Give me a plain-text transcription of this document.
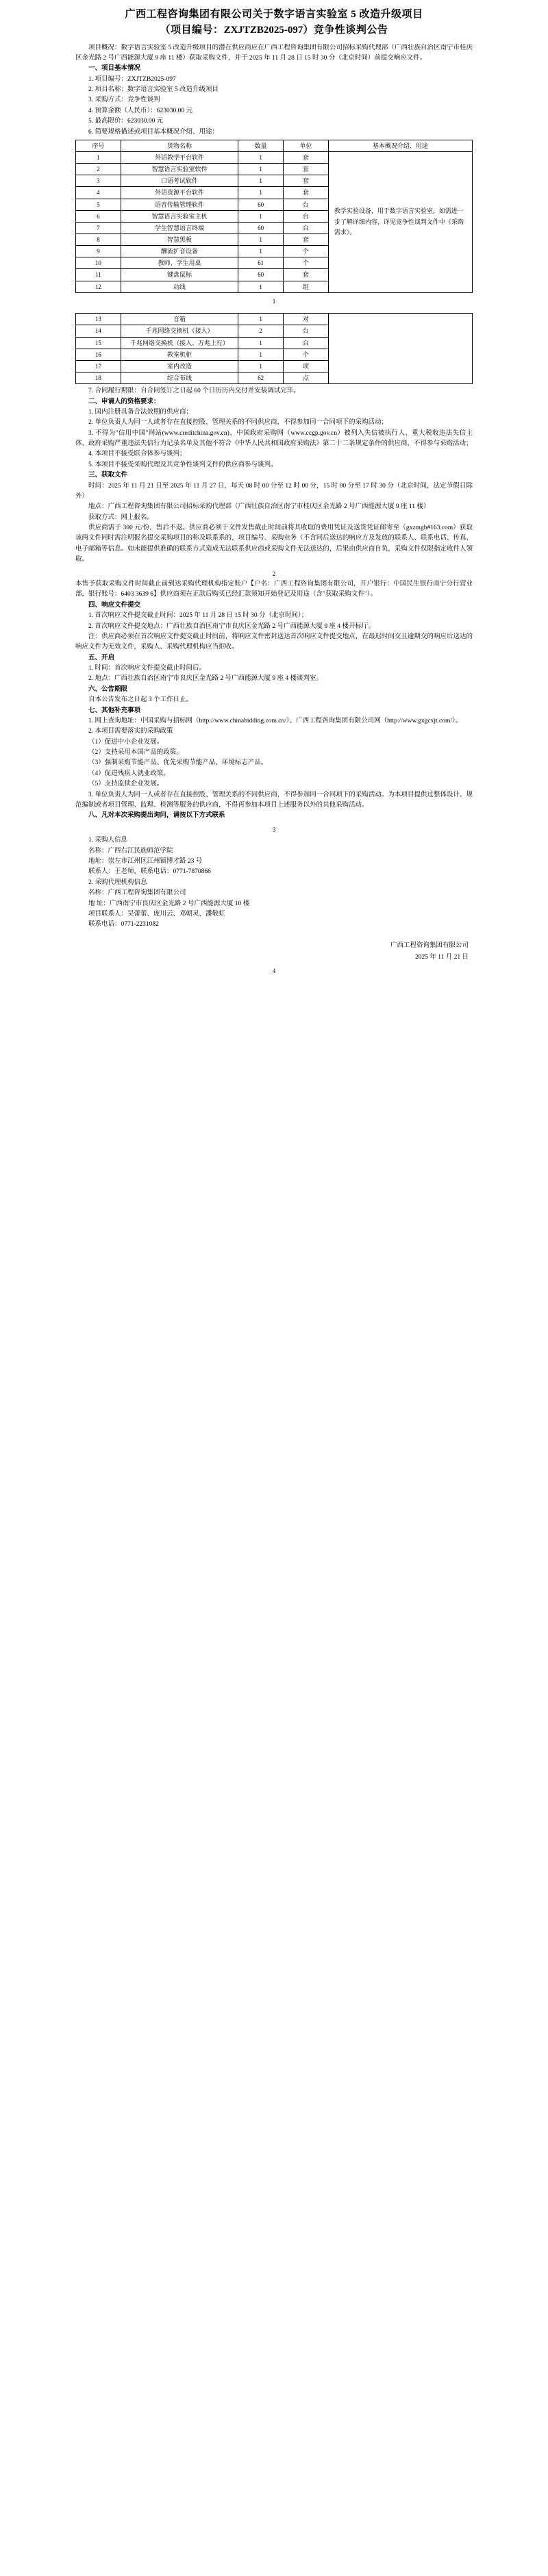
广西工程咨询集团有限公司关于数字语言实验室 5 改造升级项目
（项目编号：ZXJTZB2025-097）竞争性谈判公告

项目概况：数字语言实验室 5 改造升级项目的潜在供应商应在广西工程咨询集团有限公司招标采购代理部（广西壮族自治区南宁市桂庆区金光路 2 号广西能源大厦 9 座 11 楼）获取采购文件，并于 2025 年 11 月 28 日 15 时 30 分（北京时间）前提交响应文件。

一、项目基本情况

1. 项目编号：ZXJTZB2025-097

2. 项目名称：数字语言实验室 5 改造升级项目

3. 采购方式：竞争性谈判

4. 预算金额（人民币）：623030.00 元

5. 最高限价：623030.00 元

6. 简要规格描述或项目基本概况介绍、用途：

序号	货物名称	数量	单位	基本概况介绍、用途
1	外语教学平台软件	1	套	教学实验设备，用于数字语言实验室，如需进一步了解详细内容，详见竞争性谈判文件中《采购需求》。
2	智慧语言实验室软件	1	套	
3	口语考试软件	1	套	
4	外语资源平台软件	1	套	
5	语音传输管理软件	60	台	
6	智慧语言实验室主机	1	台	
7	学生智慧语言终端	60	台	
8	智慧黑板	1	套	
9	酬流扩音设备	1	个	
10	教师、学生用桌	61	个	
11	键盘鼠标	60	套	
12	动线	1	组	
1
13	音箱	1	对	
14	千兆网络交换机（接入）	2	台	
15	千兆网络交换机（接入、万兆上行）	1	台	
16	教室机柜	1	个	
17	室内改造	1	项	
18	综合布线	62	点	

7. 合同履行期限：自合同签订之日起 60 个日历历内交付并安装调试完毕。

二、申请人的资格要求：

1. 国内注册具备合法效期的供应商；

2. 单位负责人为同一人或者存在直接控股、管理关系的不同供应商，不得参加同一合同项下的采购活动；

3. 不得为"信用中国"网站(www.creditchina.gov.cn)、中国政府采购网（www.ccgp.gov.cn）被列入失信被执行人、重大税收违法失信主体、政府采购严重违法失信行为记录名单及其他不符合《中华人民共和国政府采购法》第二十二条规定条件的供应商，不得参与采购活动；

4. 本项目不接受联合体参与谈判；

5. 本项目不接受采购代理及其竞争性谈判文件的供应商参与谈判。

三、获取文件

时间：2025 年 11 月 21 日至 2025 年 11 月 27 日，每天 08 时 00 分至 12 时 00 分，15 时 00 分至 17 时 30 分（北京时间，法定节假日除外）

地点：广西工程咨询集团有限公司招标采购代理部（广西壮族自治区南宁市桂庆区金光路 2 号广西能源大厦 9 座 11 楼）

获取方式：网上报名。

供应商需于 300 元/份，售后不退。供应商必须于文件发售截止时间前将其收取的费用凭证及送货凭证邮寄至（gxzmgb#163.com）获取该两文件同时需注明报名提交采购项目的称及联系系的，项目编号、采购业务（不含同后送达的响应方及发放的联系人、联系电话、传真、电子邮箱等信息。如未能提供准确的联系方式造成无法联系供应商或采购文件无法送达的，后果由供应商自负，采购文件仅限指定收件人领取。

2

本售予获取采购文件时间截止前到达采购代理机构指定账户【户名：广西工程咨询集团有限公司，开户银行：中国民生银行南宁分行营业部，银行账号：6403 3639 6】供应商须在正款后购买已经汇款须知开始登记及用途（含"获取采购文件"）。

四、响应文件提交

1. 首次响应文件提交截止时间：2025 年 11 月 28 日 15 时 30 分（北京时间）；

2. 首次响应文件提交地点：广西壮族自治区南宁市良庆区金光路 2 号广西能源大厦 9 座 4 楼开标厅。

注：供应商必须在首次响应文件提交截止时间前，将响应文件密封送达首次响应文件提交地点，在最迟时间交且逾期交的响应后送达的响应文件为无效文件，采购人、采购代理机构应当拒收。

五、开启

1. 时间：首次响应文件提交截止时间后。

2. 地点：广西壮族自治区南宁市良庆区金光路 2 号广西能源大厦 9 座 4 楼谈判室。

六、公告期限

自本公告发布之日起 3 个工作日止。

七、其他补充事项

1. 网上查询地址：中国采购与招标网（http://www.chinabidding.com.cn/）、广西工程咨询集团有限公司网（http://www.gxgcxjt.com/）。

2. 本项目需要落实的采购政策

（1）促进中小企业发展。

（2）支持采用本国产品的政策。

（3）强制采购节能产品、优先采购节能产品、环境标志产品。

（4）促进残疾人就业政策。

（5）支持监狱企业发展。

3. 单位负责人为同一人或者存在直接控股、管理关系的不同供应商，不得参加同一合同项下的采购活动。为本项目提供过整体设计、规范编制或者项目管理、监理、检测等服务的供应商，不得再参加本项目上述服务以外的其他采购活动。

八、凡对本次采购提出询问，请按以下方式联系

3

1. 采购人信息

名称：广西右江民族师范学院

地址：崇左市江州区江州镇博才路 23 号

联系人：王老师，联系电话：0771-7870866

2. 采购代理机构信息

名称：广西工程咨询集团有限公司

地 址：广西南宁市良庆区金光路 2 号广西能源大厦 10 楼

项目联系人：吴蕾蕾、庞川云、邓朝灵、潘敬虹

联系电话：0771-2231082

广西工程咨询集团有限公司
2025 年 11 月 21 日
4
